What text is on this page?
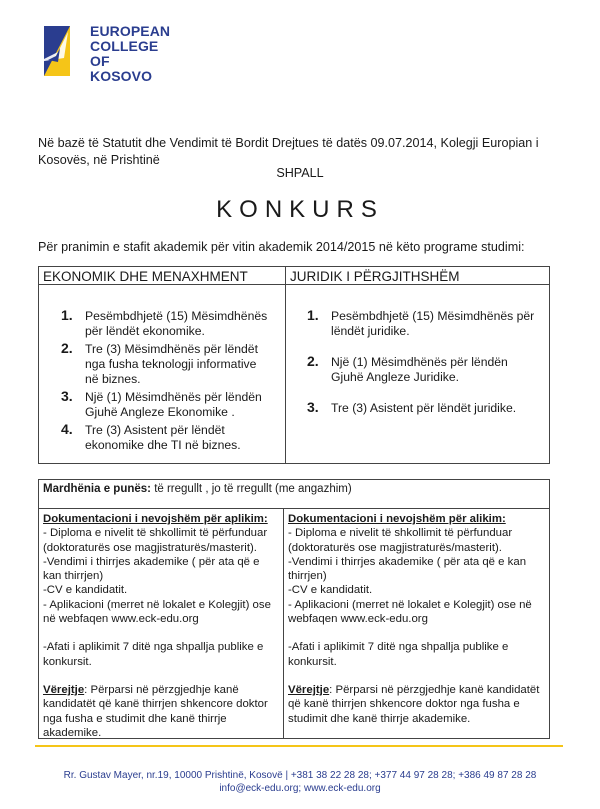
EUROPEAN
COLLEGE
OF KOSOVO
Në bazë të Statutit dhe Vendimit të Bordit Drejtues të datës 09.07.2014, Kolegji Europian i Kosovës, në Prishtinë
SHPALL
KONKURS
Për pranimin e stafit akademik për vitin akademik 2014/2015 në këto programe studimi:
EKONOMIK DHE MENAXHMENT	JURIDIK I PËRGJITHSHËM
1. Pesëmbdhjetë (15) Mësimdhënës për lëndët ekonomike.
2. Tre (3) Mësimdhënës për lëndët nga fusha teknologji informative në biznes.
3. Një (1) Mësimdhënës për lëndën Gjuhë Angleze Ekonomike .
4. Tre (3) Asistent për lëndët ekonomike dhe TI në biznes.
1. Pesëmbdhjetë (15) Mësimdhënës për lëndët juridike.
2. Një (1) Mësimdhënës për lëndën Gjuhë Angleze Juridike.
3. Tre (3) Asistent për lëndët juridike.
Mardhënia e punës: të rregullt , jo të rregullt (me angazhim)
Dokumentacioni i nevojshëm për aplikim:
- Diploma e nivelit të shkollimit të përfunduar
(doktoraturës ose magjistraturës/masterit).
-Vendimi i thirrjes akademike ( për ata që e
kan thirrjen)
-CV e kandidatit.
- Aplikacioni (merret në lokalet e Kolegjit) ose
në webfaqen www.eck-edu.org
-Afati i aplikimit 7 ditë nga shpallja publike e
konkursit.
Vërejtje: Përparsi në përzgjedhje kanë
kandidatët që kanë thirrjen shkencore doktor
nga fusha e studimit dhe kanë thirrje
akademike.
Dokumentacioni i nevojshëm për alikim:
- Diploma e nivelit të shkollimit të përfunduar
(doktoraturës ose magjistraturës/masterit).
-Vendimi i thirrjes akademike ( për ata që e kan
thirrjen)
-CV e kandidatit.
- Aplikacioni (merret në lokalet e Kolegjit) ose në
webfaqen www.eck-edu.org
-Afati i aplikimit 7 ditë nga shpallja publike e
konkursit.
Vërejtje: Përparsi në përzgjedhje kanë kandidatët
që kanë thirrjen shkencore doktor nga fusha e
studimit dhe kanë thirrje akademike.
Rr. Gustav Mayer, nr.19, 10000 Prishtinë, Kosovë | +381 38 22 28 28; +377 44 97 28 28; +386 49 87 28 28
info@eck-edu.org; www.eck-edu.org
